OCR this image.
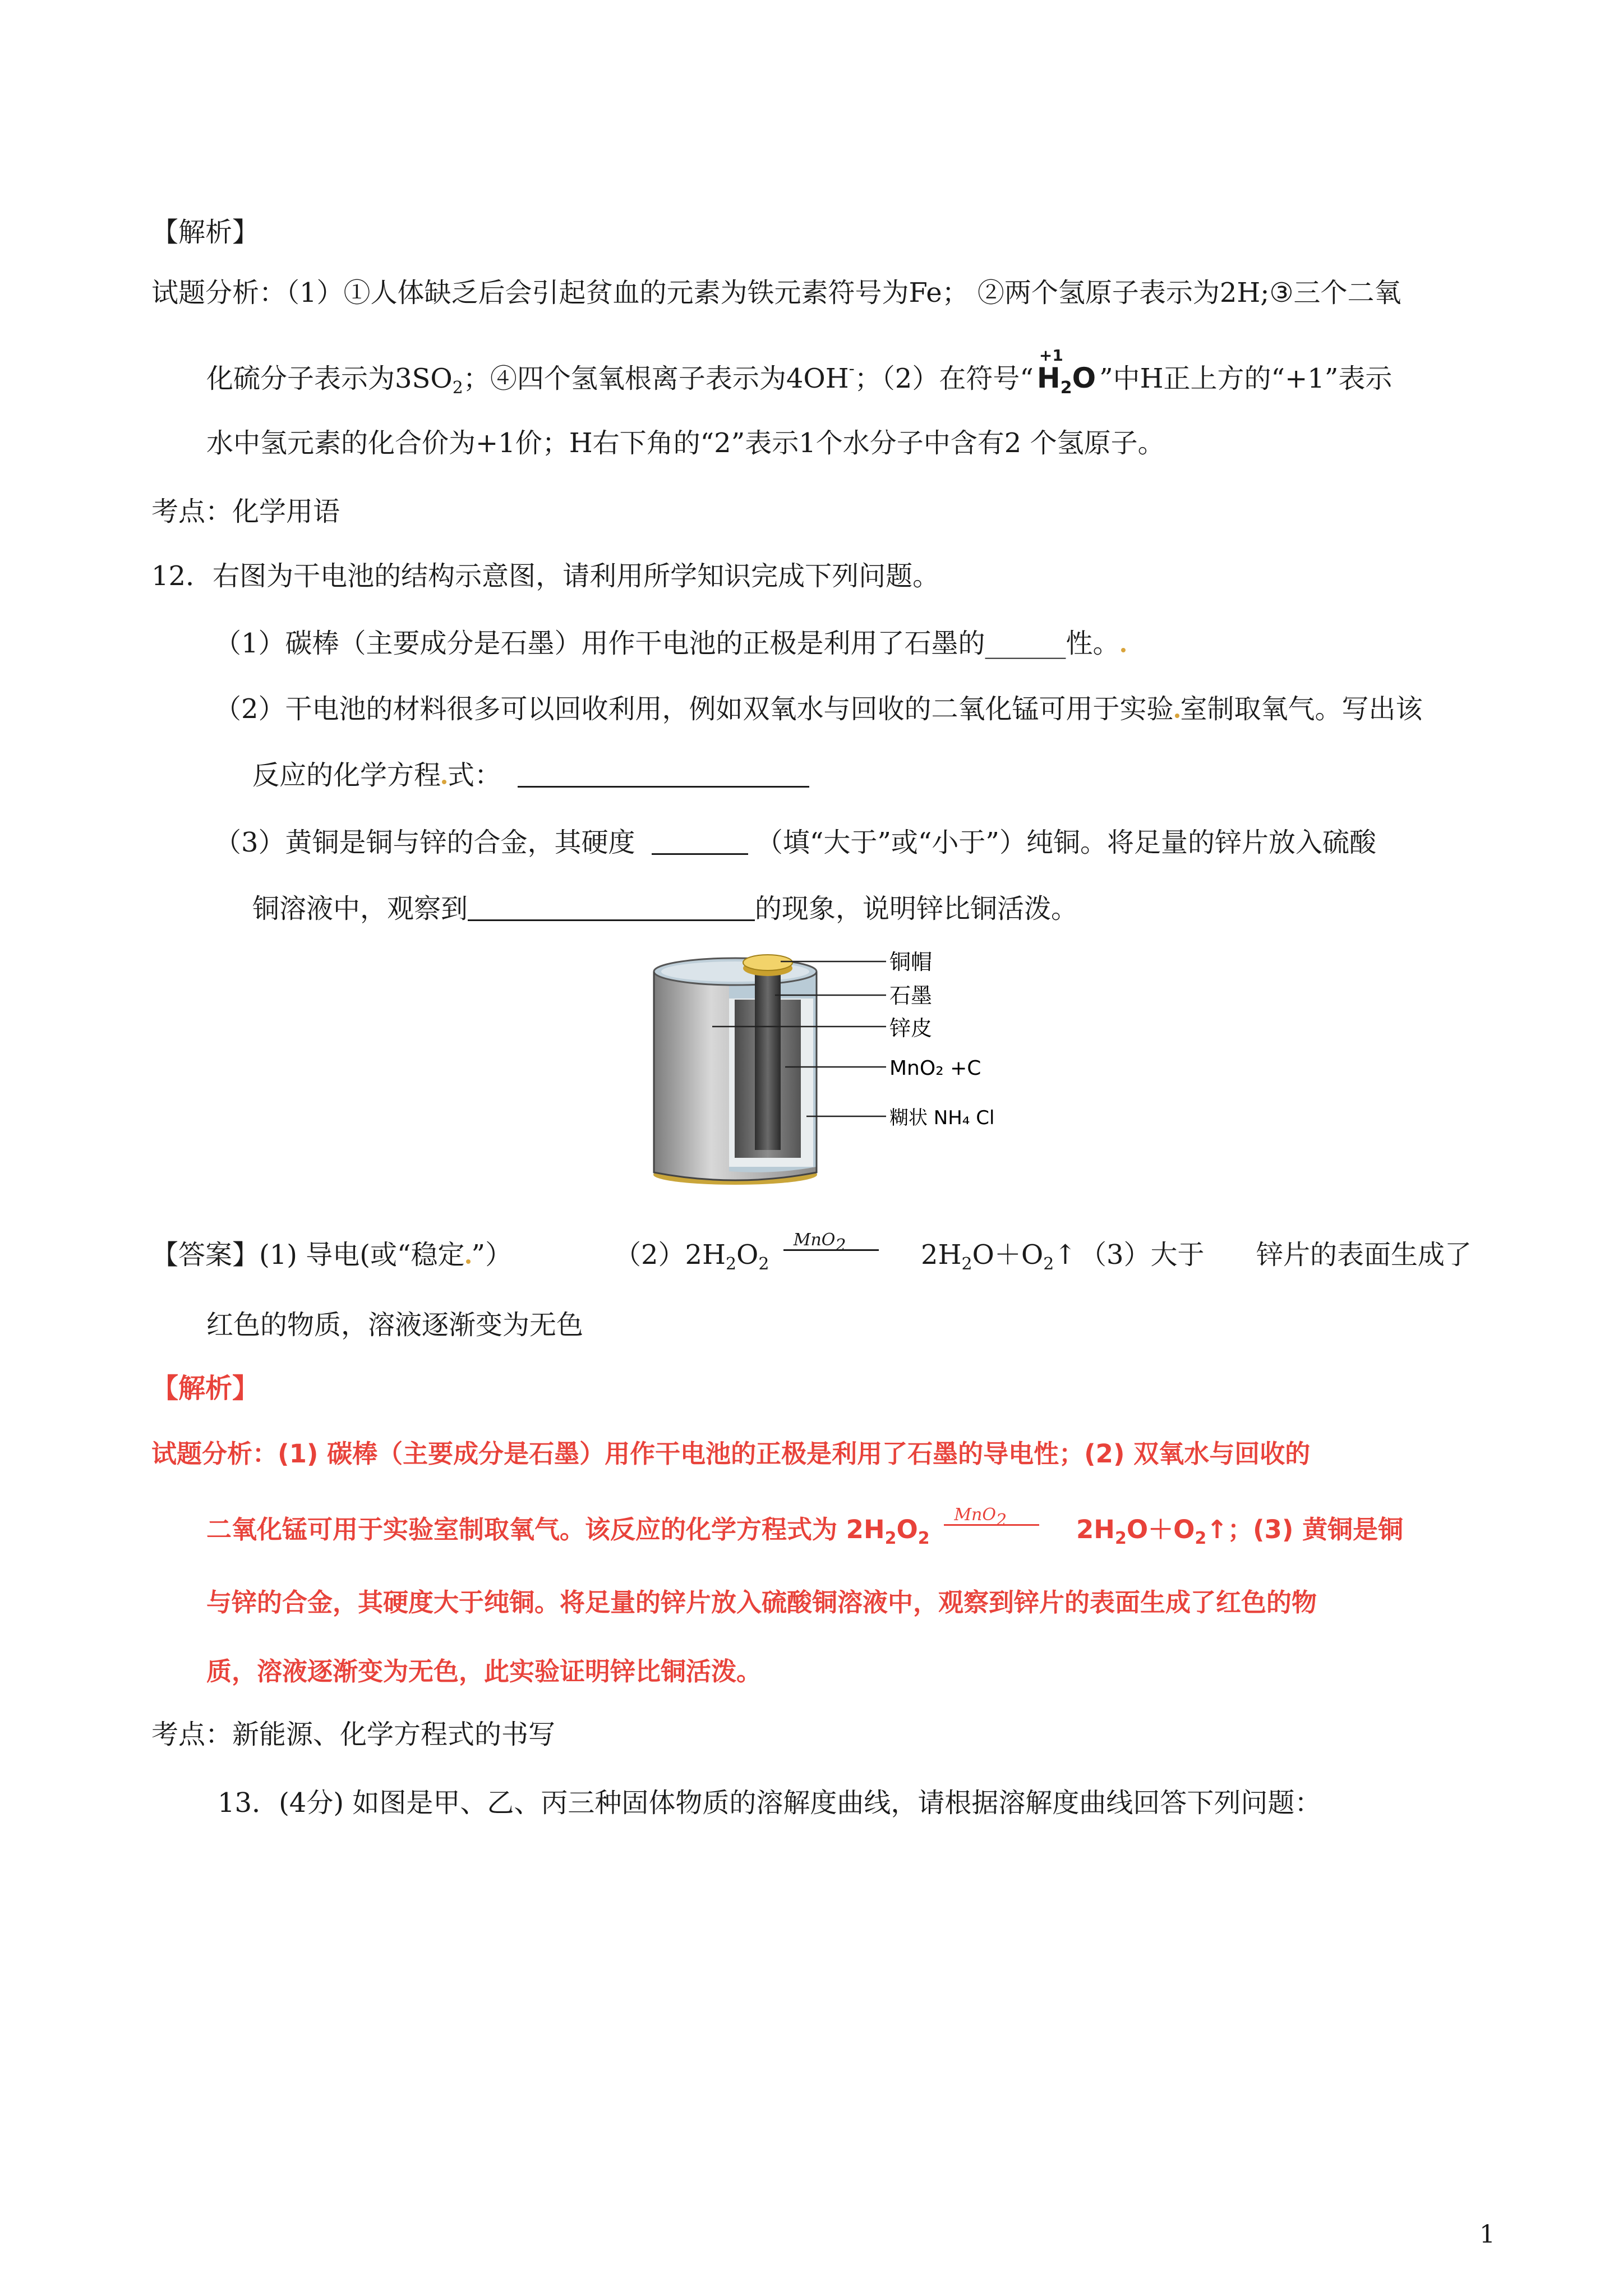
【解析】
试题分析：（1）①人体缺乏后会引起贫血的元素为铁元素符号为Fe； ②两个氢原子表示为2H;③三个二氧
化硫分子表示为$3SO_2$；④四个氢氧根离子表示为4OH-；（2）在符号“
+1
$H_2O$ ”中H正上方的“+1”表示
水中氢元素的化合价为+1价；H右下角的“2”表示1个水分子中含有2 个氢原子。
考点：化学用语
12．右图为干电池的结构示意图，请利用所学知识完成下列问题。
（1）碳棒（主要成分是石墨）用作干电池的正极是利用了石墨的______性。
（2）干电池的材料很多可以回收利用，例如双氧水与回收的二氧化锰可用于实验 室制取氧气。写出该
反应的化学方程 式：
（3）黄铜是铜与锌的合金，其硬度	（填“大于”或“小于”）纯铜。将足量的锌片放入硫酸
铜溶液中，观察到	的现象，说明锌比铜活泼。
铜帽
石墨
锌皮
MnO₂ +C
糊状 NH₄ Cl
【答案】(1) 导电(或“稳定 ”）	$(2)2H_2O_2$
MnO2	$2H_2O+O_2↑$ （3）大于 锌片的表面生成了
红色的物质，溶液逐渐变为无色
【解析】
试题分析：(1) 碳棒（主要成分是石墨）用作干电池的正极是利用了石墨的导电性；(2) 双氧水与回收的
二氧化锰可用于实验室制取氧气。该反应的化学方程式为 $2H_2O_2$
MnO2	$2H_2O+O_2↑$；(3) 黄铜是铜
与锌的合金，其硬度大于纯铜。将足量的锌片放入硫酸铜溶液中，观察到锌片的表面生成了红色的物
质，溶液逐渐变为无色，此实验证明锌比铜活泼。
考点：新能源、化学方程式的书写
13．(4分) 如图是甲、乙、丙三种固体物质的溶解度曲线，请根据溶解度曲线回答下列问题：
1
